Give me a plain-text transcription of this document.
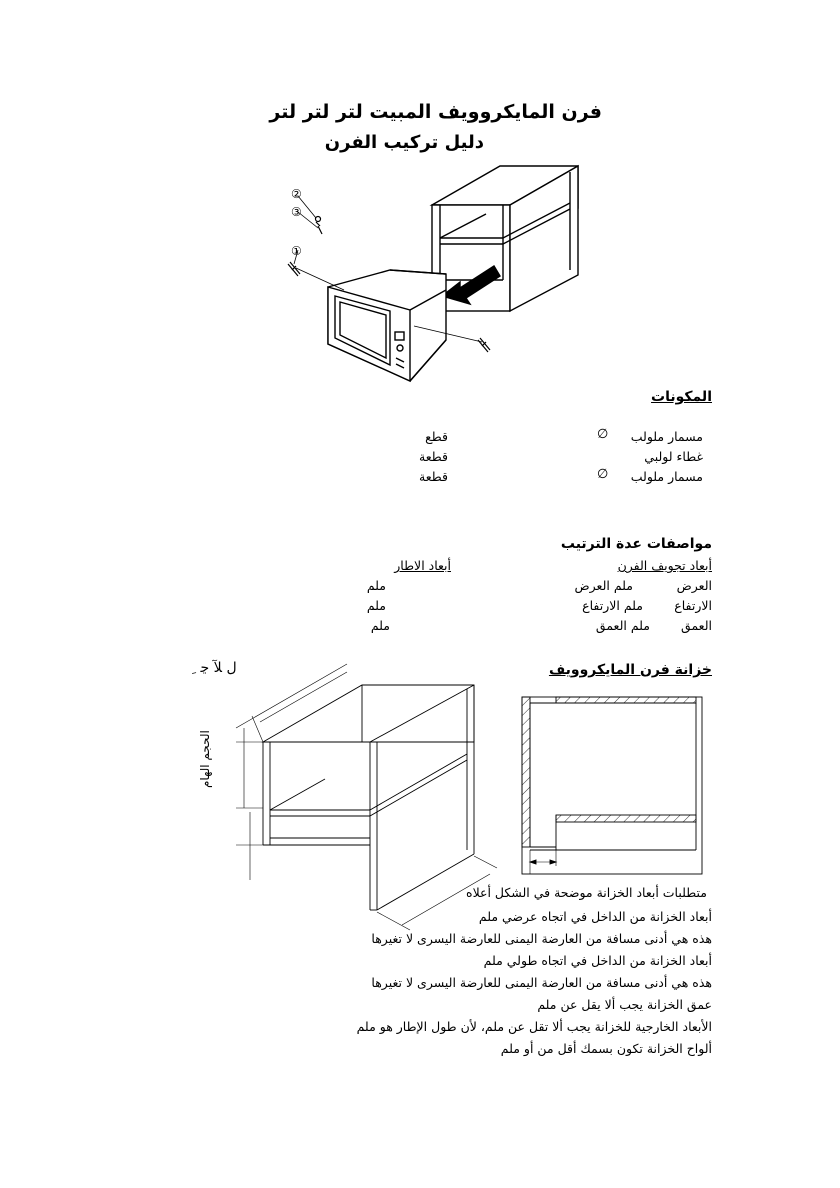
فرن المايكروويف المبيت لتر لتر لتر
دليل تركيب الفرن
①
②
③
المكونات
مسمار ملولب
∅
قطع
غطاء لولبي
قطعة
مسمار ملولب
∅
قطعة
مواصفات عدة الترتيب
أبعاد تجويف الفرن
أبعاد الاطار
العرض
ملم العرض
ملم
الارتفاع
ملم الارتفاع
ملم
العمق
ملم العمق
ملم
خزانة فرن المايكروويف
ﻝ ﻶ ﭸ ﹺ
الحجم الهام
متطلبات أبعاد الخزانة موضحة في الشكل أعلاه
أبعاد الخزانة من الداخل في اتجاه عرضي ملم
هذه هي أدنى مسافة من العارضة اليمنى للعارضة اليسرى لا تغيرها
أبعاد الخزانة من الداخل في اتجاه طولي ملم
هذه هي أدنى مسافة من العارضة اليمنى للعارضة اليسرى لا تغيرها
عمق الخزانة يجب ألا يقل عن ملم
الأبعاد الخارجية للخزانة يجب ألا تقل عن ملم، لأن طول الإطار هو ملم
ألواح الخزانة تكون بسمك أقل من أو ملم
